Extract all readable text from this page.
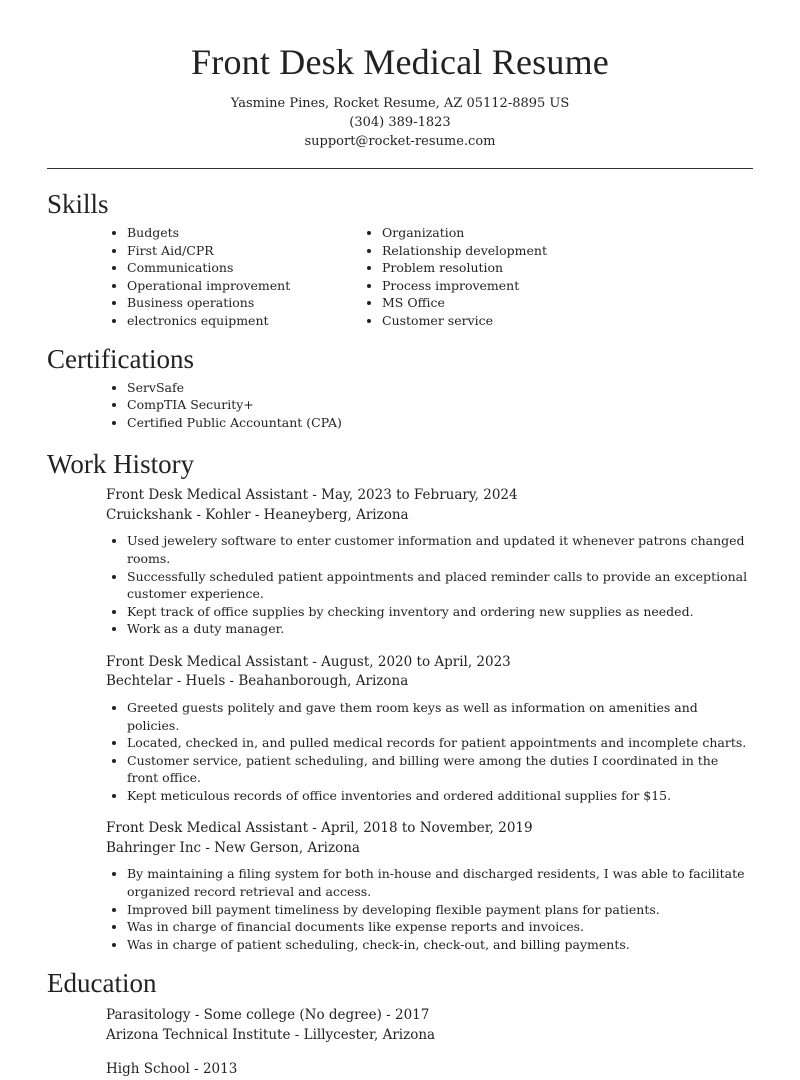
Front Desk Medical Resume
Yasmine Pines, Rocket Resume, AZ 05112-8895 US
(304) 389-1823
support@rocket-resume.com
Skills
• Budgets
• First Aid/CPR
• Communications
• Operational improvement
• Business operations
• electronics equipment
• Organization
• Relationship development
• Problem resolution
• Process improvement
• MS Office
• Customer service
Certifications
• ServSafe
• CompTIA Security+
• Certified Public Accountant (CPA)
Work History
Front Desk Medical Assistant - May, 2023 to February, 2024
Cruickshank - Kohler - Heaneyberg, Arizona
• Used jewelery software to enter customer information and updated it whenever patrons changed rooms.
• Successfully scheduled patient appointments and placed reminder calls to provide an exceptional customer experience.
• Kept track of office supplies by checking inventory and ordering new supplies as needed.
• Work as a duty manager.
Front Desk Medical Assistant - August, 2020 to April, 2023
Bechtelar - Huels - Beahanborough, Arizona
• Greeted guests politely and gave them room keys as well as information on amenities and policies.
• Located, checked in, and pulled medical records for patient appointments and incomplete charts.
• Customer service, patient scheduling, and billing were among the duties I coordinated in the front office.
• Kept meticulous records of office inventories and ordered additional supplies for $15.
Front Desk Medical Assistant - April, 2018 to November, 2019
Bahringer Inc - New Gerson, Arizona
• By maintaining a filing system for both in-house and discharged residents, I was able to facilitate organized record retrieval and access.
• Improved bill payment timeliness by developing flexible payment plans for patients.
• Was in charge of financial documents like expense reports and invoices.
• Was in charge of patient scheduling, check-in, check-out, and billing payments.
Education
Parasitology - Some college (No degree) - 2017
Arizona Technical Institute - Lillycester, Arizona
High School - 2013
